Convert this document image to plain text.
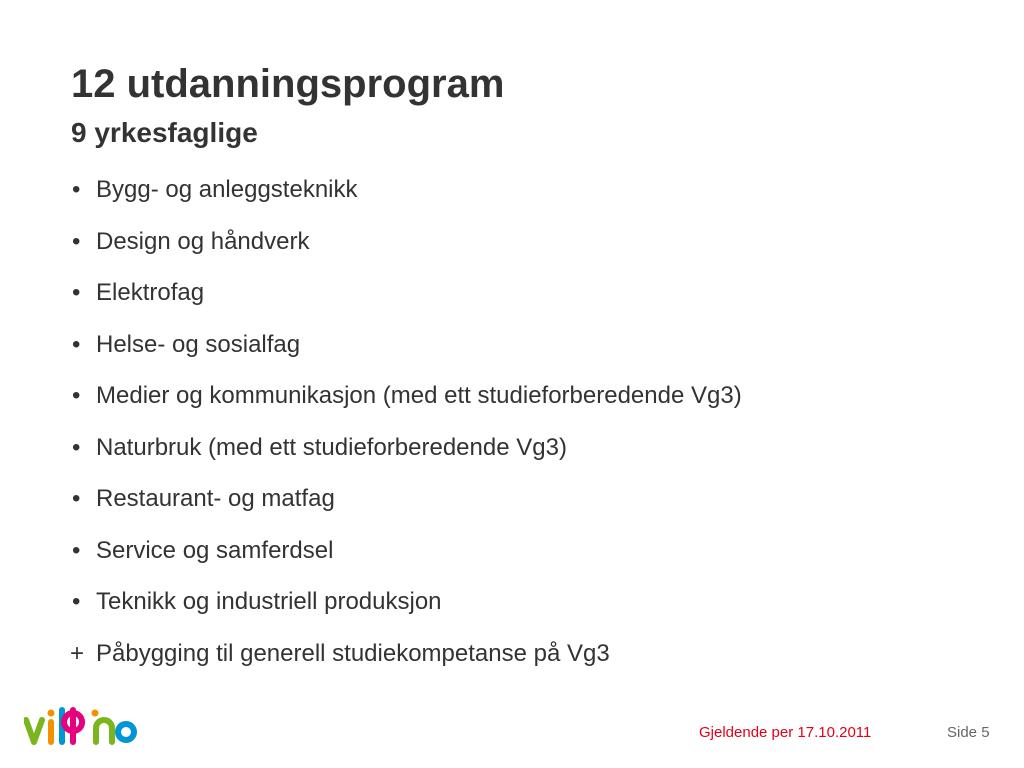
12 utdanningsprogram
9 yrkesfaglige
• Bygg- og anleggsteknikk
• Design og håndverk
• Elektrofag
• Helse- og sosialfag
• Medier og kommunikasjon (med ett studieforberedende Vg3)
• Naturbruk (med ett studieforberedende Vg3)
• Restaurant- og matfag
• Service og samferdsel
• Teknikk og industriell produksjon
+ Påbygging til generell studiekompetanse på Vg3
Gjeldende per 17.10.2011	Side 5
